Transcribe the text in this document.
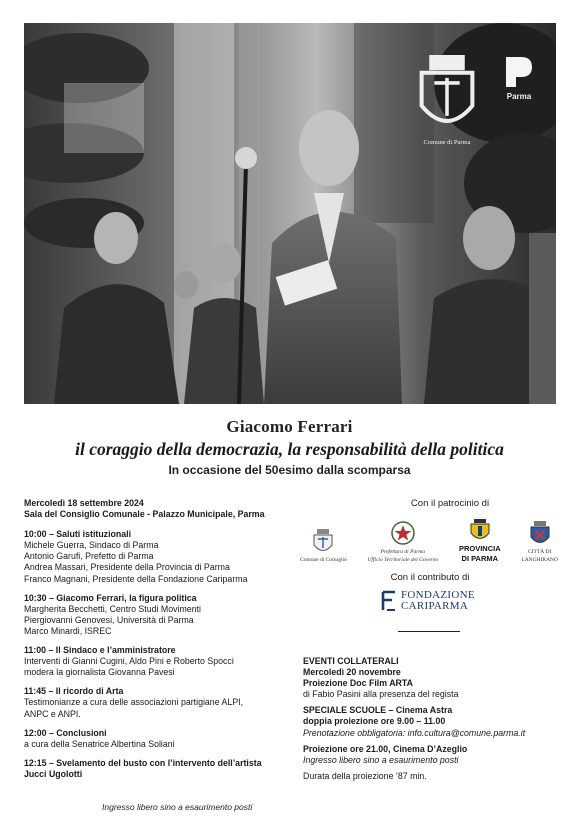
Comune di Parma
Parma
Giacomo Ferrari
il coraggio della democrazia, la responsabilità della politica
In occasione del 50esimo dalla scomparsa
Mercoledì 18 settembre 2024
Sala del Consiglio Comunale - Palazzo Municipale, Parma
10:00 – Saluti istituzionali
Michele Guerra, Sindaco di Parma
Antonio Garufi, Prefetto di Parma
Andrea Massari, Presidente della Provincia di Parma
Franco Magnani, Presidente della Fondazione Cariparma
10:30 – Giacomo Ferrari, la figura politica
Margherita Becchetti, Centro Studi Movimenti
Piergiovanni Genovesi, Università di Parma
Marco Minardi, ISREC
11:00 – Il Sindaco e l’amministratore
Interventi di Gianni Cugini, Aldo Pini e Roberto Spocci
modera la giornalista Giovanna Pavesi
11:45 – Il ricordo di Arta
Testimonianze a cura delle associazioni partigiane ALPI,
ANPC e ANPI.
12:00 – Conclusioni
a cura della Senatrice Albertina Soliani
12:15 – Svelamento del busto con l’intervento dell’artista
Jucci Ugolotti
Ingresso libero sino a esaurimento posti
Con il patrocinio di
Comune di Corniglio
Prefettura di Parma
Ufficio Territoriale del Governo
PROVINCIA
DI PARMA
CITTÀ DI
LANGHIRANO
Con il contributo di
FONDAZIONE
CARIPARMA
EVENTI COLLATERALI
Mercoledì 20 novembre
Proiezione Doc Film ARTA
di Fabio Pasini alla presenza del regista
SPECIALE SCUOLE – Cinema Astra
doppia proiezione ore 9.00 – 11.00
Prenotazione obbligatoria: info.cultura@comune.parma.it
Proiezione ore 21.00, Cinema D’Azeglio
Ingresso libero sino a esaurimento posti
Durata della proiezione ’87 min.
